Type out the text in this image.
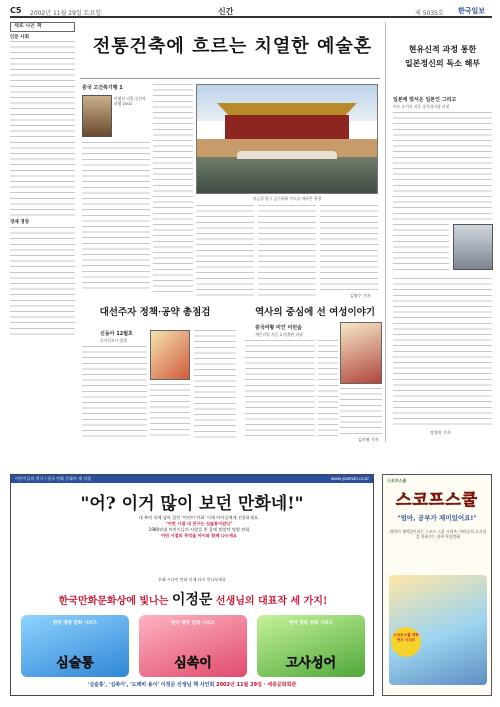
C5 2002년 11월 29일 토요일	신간	제 5035호 한국일보
새로 나온 책
인문 사회
경제 경영
전통건축에 흐르는 치열한 예술혼
중국 고건축기행 1
이영선 지음 공간사 펴냄 2002
자금성 입구 금수하와 어도를 바라본 풍경
김명수 기자
현유신적 과정 통한
일본정신의 독소 해부
일본에 맞서온 일본인 그리고
이토 슌키치 지음 창작과비평 펴냄
강정미 기자
대선주자 정책·공약 총점검
신동아 12월호
동아일보사 발행
역사의 중심에 선 여성이야기
중국여황 미인 어린숨
세븐리얼 지음 효형출판 펴냄
김지영 기자
어린이들의 친구 / 한국 만화 문화의 새 지평	www.yooman.co.kr
"어? 이거 많이 보던 만화네!"
내 추억 속에 남아 있던 '어린이 만화' 이제 아이들에게 선물하세요.
"어린 시절 내 친구는 심술통이었다"
1980년대 어린이들의 사랑을 한 몸에 받았던 명랑 만화
어린 시절의 추억을 아이와 함께 나누세요
오래 기다린 만화 이제 다시 만나보세요
한국만화문화상에 빛나는 이정문 선생님의 대표작 세 가지!
한국 명랑 만화 시리즈
심술통
한국 명랑 만화 시리즈
심쏙이
한국 명랑 만화 시리즈
고사성어
'심술통', '심쏙이', '도깨비 용이' 이정문 선생님 책 사인회 2002년 11월 29일 · 세종문화회관
스코프스쿨
스코프스쿨
"엄마, 공부가 재미있어요!"
과학이 재미있어지는 스코프 스쿨 시리즈. 아이들의 호기심을 키워주는 과학 학습만화
스코프스쿨 과학 연구 시리즈
